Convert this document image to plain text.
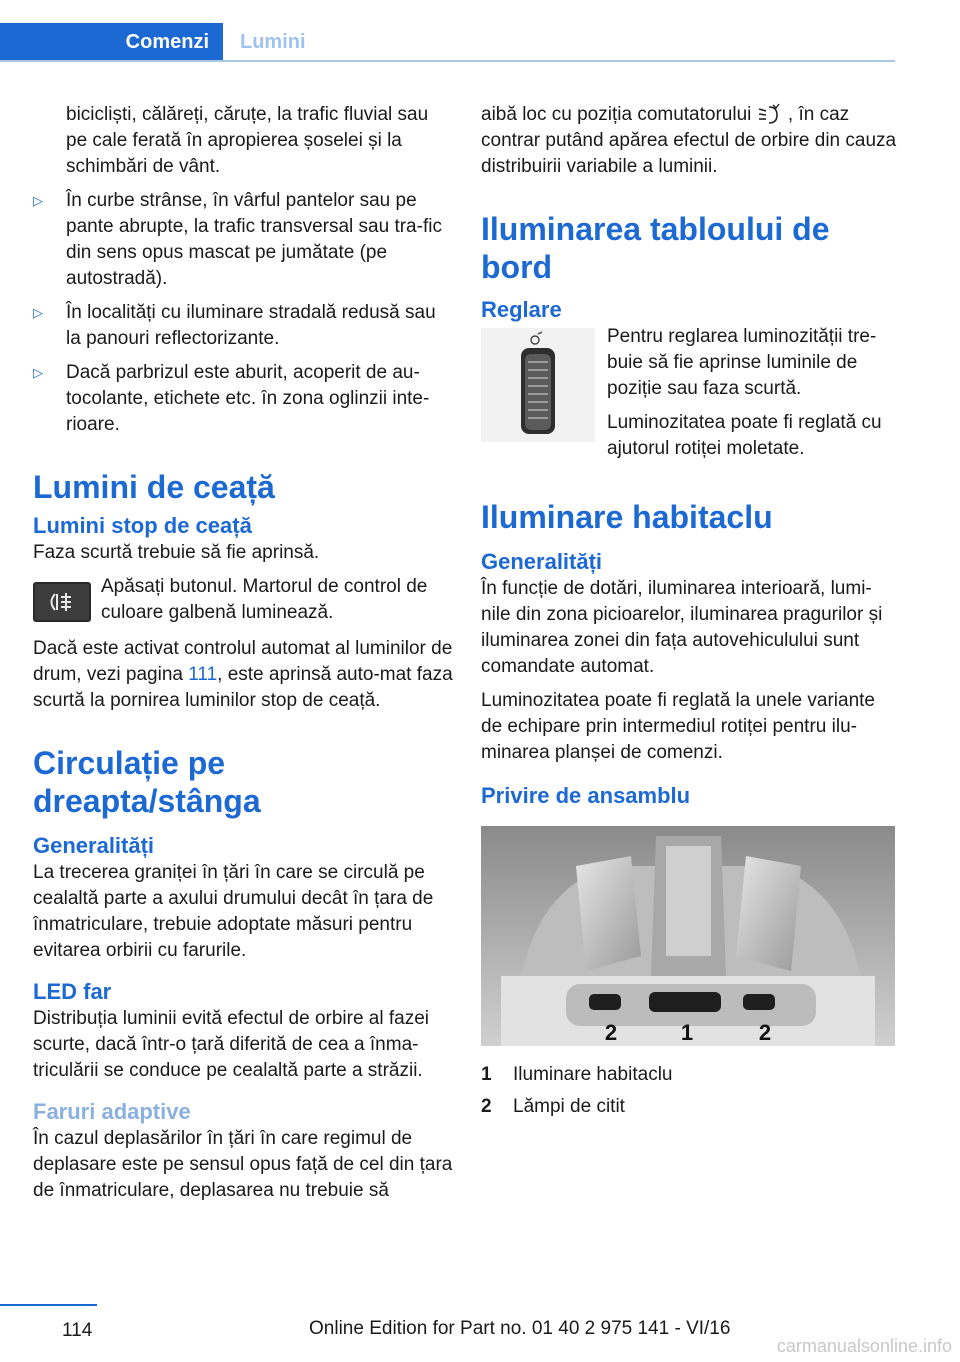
Comenzi Lumini

bicicliști, călăreți, căruțe, la trafic fluvial sau pe cale ferată în apropierea șoselei și la schimbări de vânt.

▷ În curbe strânse, în vârful pantelor sau pe pante abrupte, la trafic transversal sau tra‐fic din sens opus mascat pe jumătate (pe autostradă).
▷ În localități cu iluminare stradală redusă sau la panouri reflectorizante.
▷ Dacă parbrizul este aburit, acoperit de au‐tocolante, etichete etc. în zona oglinzii inte‐rioare.
Lumini de ceață
Lumini stop de ceață

Faza scurtă trebuie să fie aprinsă.

Apăsați butonul. Martorul de control de culoare galbenă luminează.

Dacă este activat controlul automat al luminilor de drum, vezi pagina 111, este aprinsă auto‐mat faza scurtă la pornirea luminilor stop de ceață.

Circulație pe dreapta/stânga
Generalități

La trecerea graniței în țări în care se circulă pe cealaltă parte a axului drumului decât în țara de înmatriculare, trebuie adoptate măsuri pentru evitarea orbirii cu farurile.

LED far

Distribuția luminii evită efectul de orbire al fazei scurte, dacă într-o țară diferită de cea a înma‐triculării se conduce pe cealaltă parte a străzii.

Faruri adaptive

În cazul deplasărilor în țări în care regimul de deplasare este pe sensul opus față de cel din țara de înmatriculare, deplasarea nu trebuie să

aibă loc cu poziția comutatorului  , în caz contrar putând apărea efectul de orbire din cauza distribuirii variabile a luminii.

Iluminarea tabloului de bord
Reglare

Pentru reglarea luminozității tre‐buie să fie aprinse luminile de poziție sau faza scurtă.

Luminozitatea poate fi reglată cu ajutorul rotiței moletate.

Iluminare habitaclu
Generalități

În funcție de dotări, iluminarea interioară, lumi‐nile din zona picioarelor, iluminarea pragurilor și iluminarea zonei din fața autovehiculului sunt comandate automat.

Luminozitatea poate fi reglată la unele variante de echipare prin intermediul rotiței pentru ilu‐minarea planșei de comenzi.

Privire de ansamblu
2	1	2
1	Iluminare habitaclu
2	Lămpi de citit
114	Online Edition for Part no. 01 40 2 975 141 - VI/16
carmanualsonline.info
